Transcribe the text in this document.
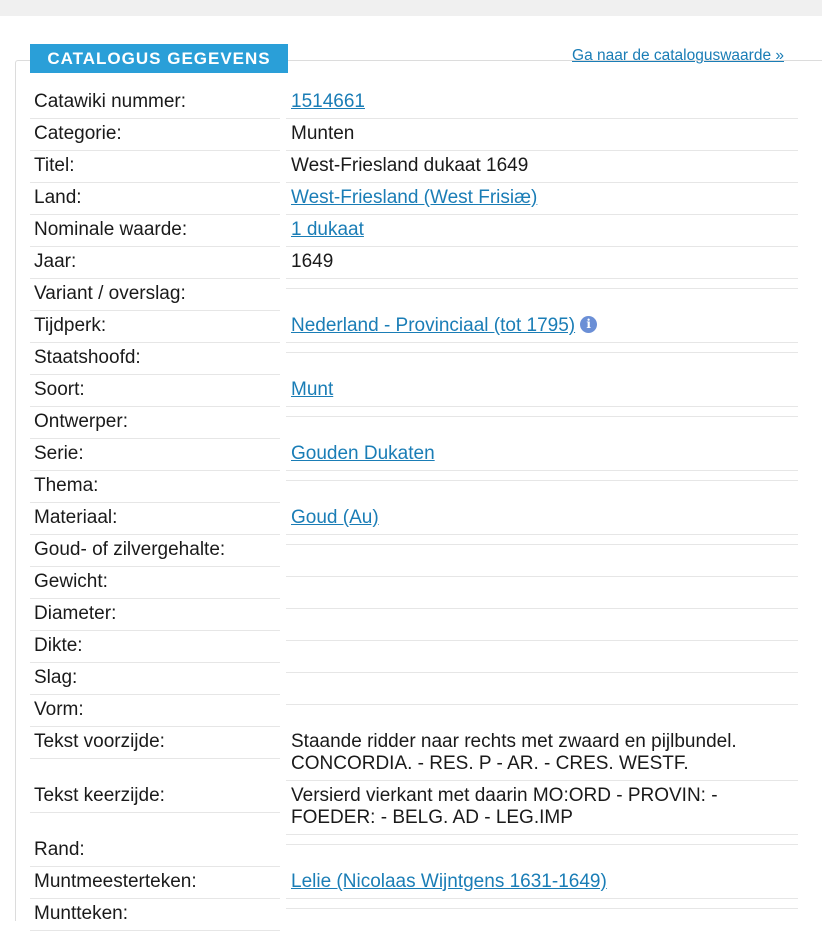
CATALOGUS GEGEVENS	Ga naar de cataloguswaarde »
Catawiki nummer:	1514661
Categorie:	Munten
Titel:	West-Friesland dukaat 1649
Land:	West-Friesland (West Frisiæ)
Nominale waarde:	1 dukaat
Jaar:	1649
Variant / overslag:
Tijdperk:	Nederland - Provinciaal (tot 1795) i
Staatshoofd:
Soort:	Munt
Ontwerper:
Serie:	Gouden Dukaten
Thema:
Materiaal:	Goud (Au)
Goud- of zilvergehalte:
Gewicht:
Diameter:
Dikte:
Slag:
Vorm:
Tekst voorzijde:	Staande ridder naar rechts met zwaard en pijlbundel.
CONCORDIA. - RES. P - AR. - CRES. WESTF.
Tekst keerzijde:	Versierd vierkant met daarin MO:ORD - PROVIN: -
FOEDER: - BELG. AD - LEG.IMP
Rand:
Muntmeesterteken:	Lelie (Nicolaas Wijntgens 1631-1649)
Muntteken:
